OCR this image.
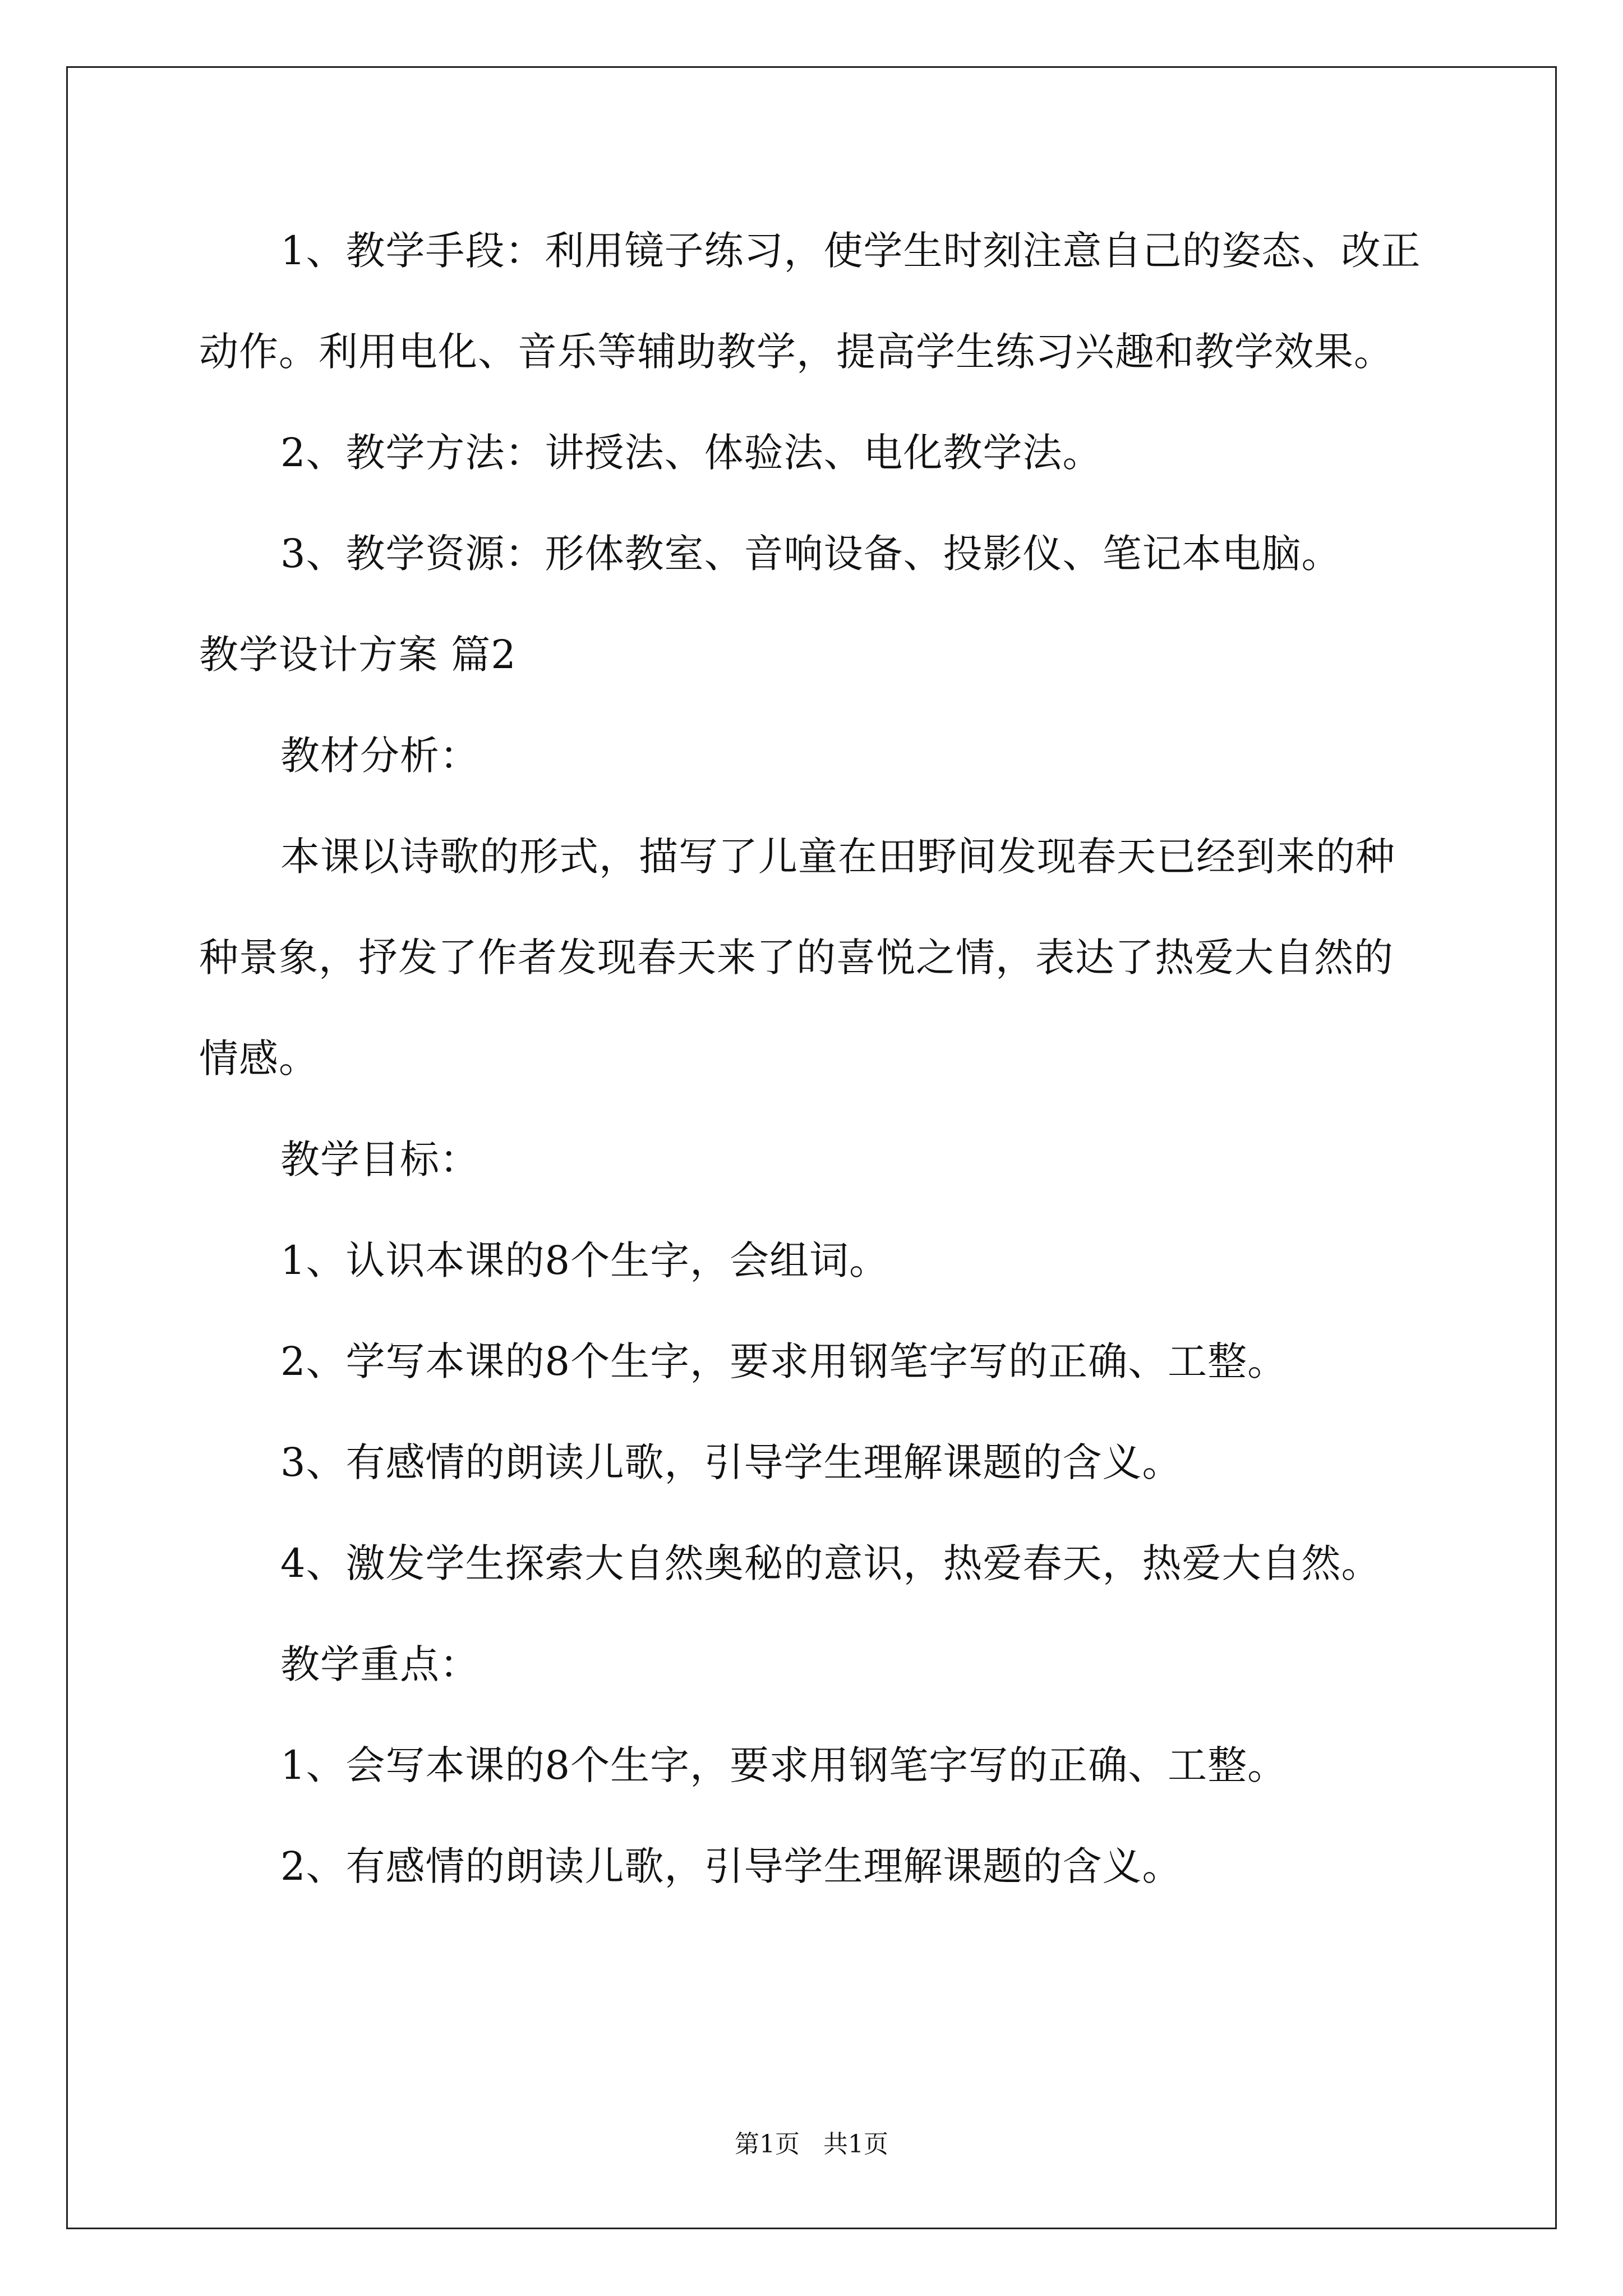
1、教学手段：利用镜子练习，使学生时刻注意自己的姿态、改正
动作。利用电化、音乐等辅助教学，提高学生练习兴趣和教学效果。
2、教学方法：讲授法、体验法、电化教学法。
3、教学资源：形体教室、音响设备、投影仪、笔记本电脑。
教学设计方案 篇2
教材分析：
本课以诗歌的形式，描写了儿童在田野间发现春天已经到来的种
种景象，抒发了作者发现春天来了的喜悦之情，表达了热爱大自然的
情感。
教学目标：
1、认识本课的8个生字，会组词。
2、学写本课的8个生字，要求用钢笔字写的正确、工整。
3、有感情的朗读儿歌，引导学生理解课题的含义。
4、激发学生探索大自然奥秘的意识，热爱春天，热爱大自然。
教学重点：
1、会写本课的8个生字，要求用钢笔字写的正确、工整。
2、有感情的朗读儿歌，引导学生理解课题的含义。
第1页 共1页
